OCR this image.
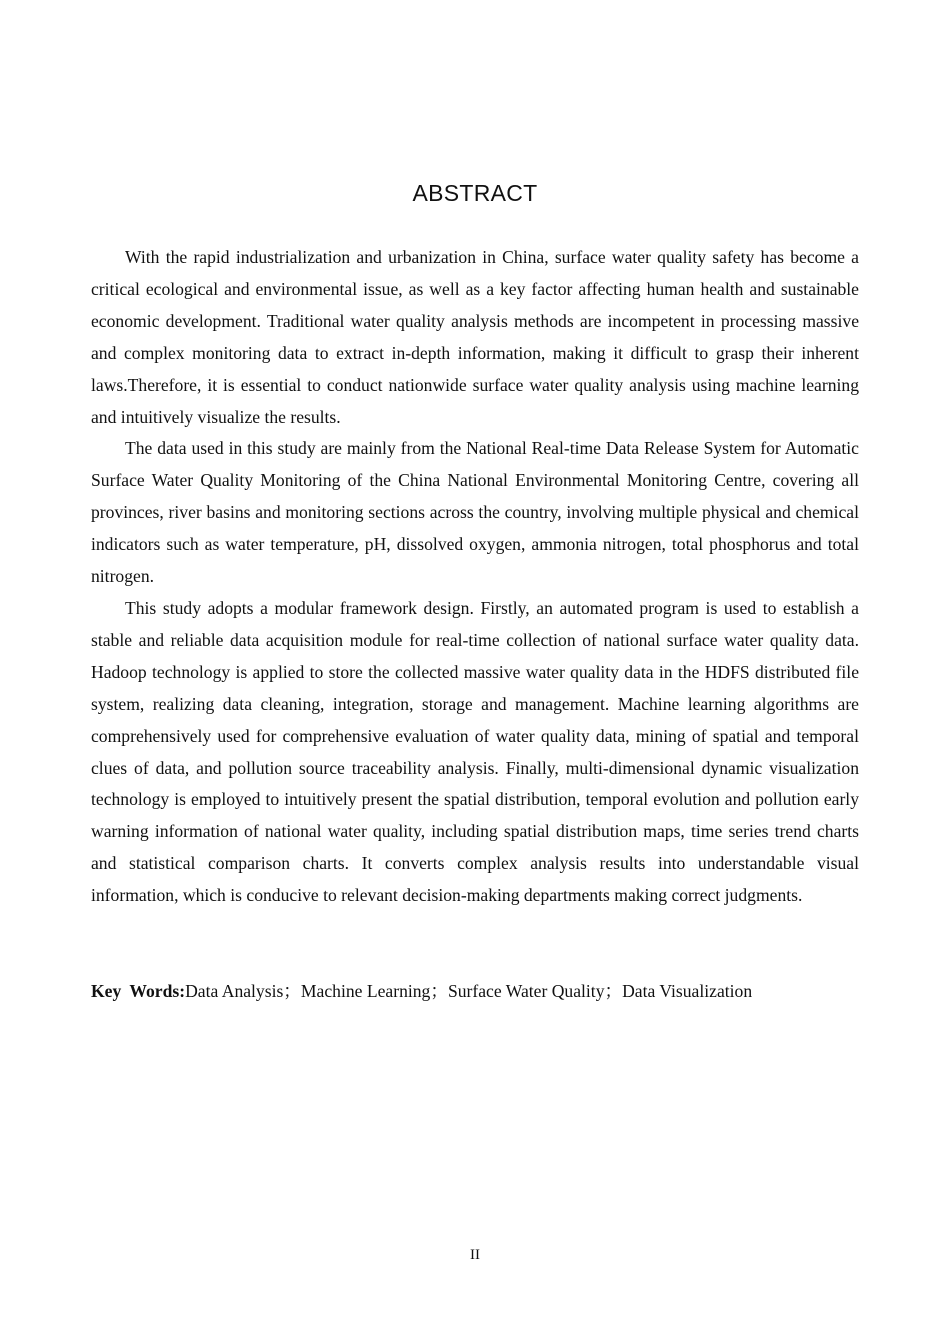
ABSTRACT

With the rapid industrialization and urbanization in China, surface water quality safety has become a critical ecological and environmental issue, as well as a key factor affecting human health and sustainable economic development. Traditional water quality analysis methods are incompetent in processing massive and complex monitoring data to extract in-depth information, making it difficult to grasp their inherent laws.Therefore, it is essential to conduct nationwide surface water quality analysis using machine learning and intuitively visualize the results.

The data used in this study are mainly from the National Real-time Data Release System for Automatic Surface Water Quality Monitoring of the China National Environmental Monitoring Centre, covering all provinces, river basins and monitoring sections across the country, involving multiple physical and chemical indicators such as water temperature, pH, dissolved oxygen, ammonia nitrogen, total phosphorus and total nitrogen.

This study adopts a modular framework design. Firstly, an automated program is used to establish a stable and reliable data acquisition module for real-time collection of national surface water quality data. Hadoop technology is applied to store the collected massive water quality data in the HDFS distributed file system, realizing data cleaning, integration, storage and management. Machine learning algorithms are comprehensively used for comprehensive evaluation of water quality data, mining of spatial and temporal clues of data, and pollution source traceability analysis. Finally, multi-dimensional dynamic visualization technology is employed to intuitively present the spatial distribution, temporal evolution and pollution early warning information of national water quality, including spatial distribution maps, time series trend charts and statistical comparison charts. It converts complex analysis results into understandable visual information, which is conducive to relevant decision-making departments making correct judgments.

Key Words:Data Analysis；Machine Learning；Surface Water Quality；Data Visualization
II
